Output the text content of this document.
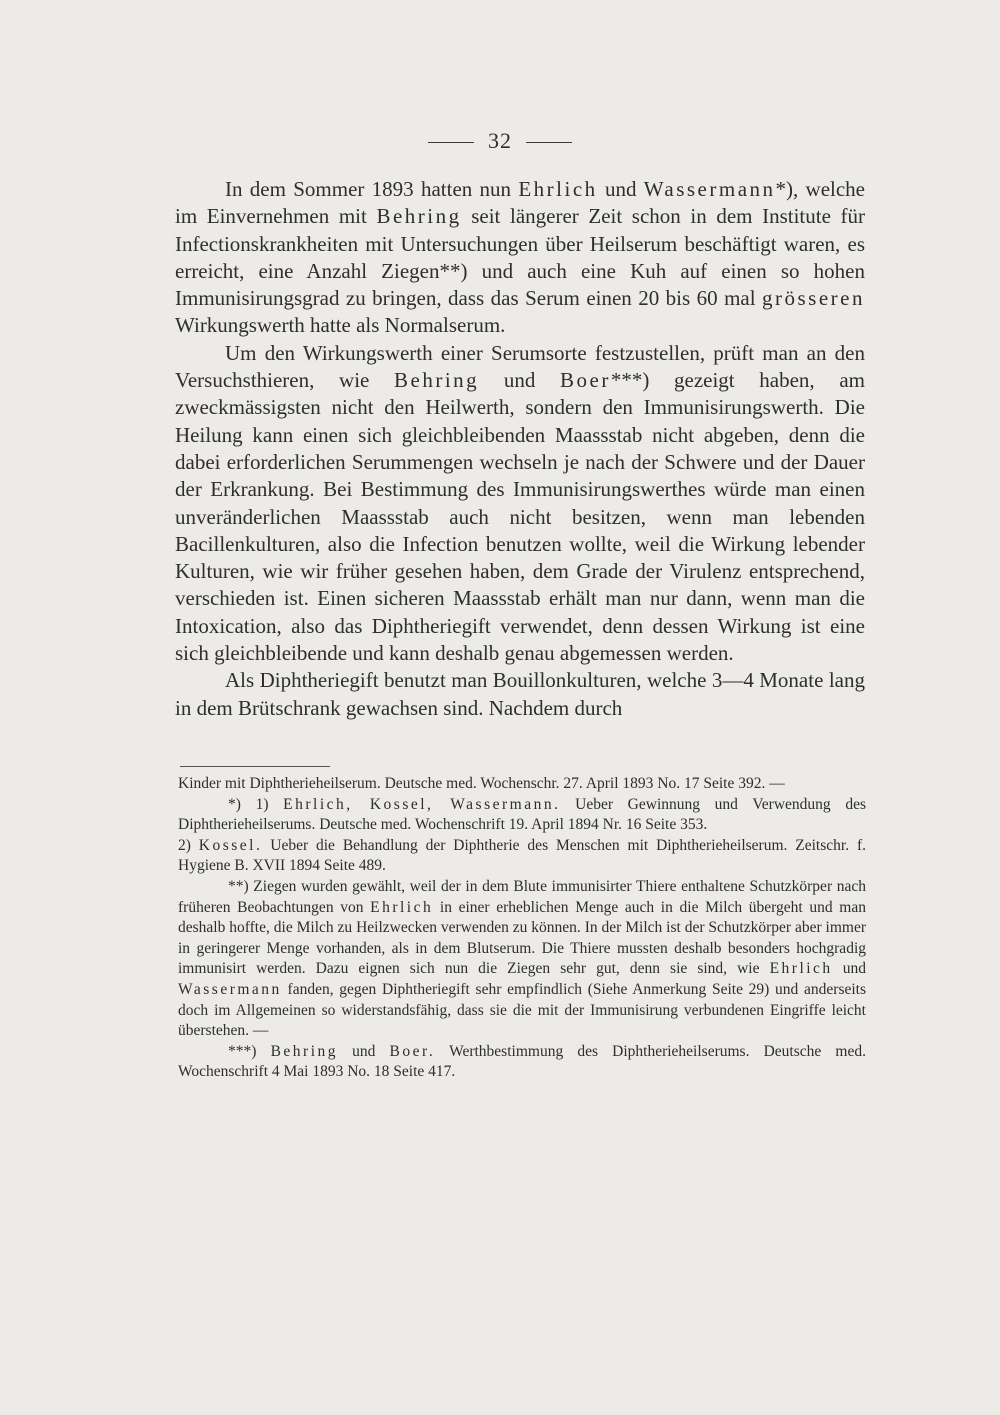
32

In dem Sommer 1893 hatten nun Ehrlich und Wassermann*), welche im Einvernehmen mit Behring seit längerer Zeit schon in dem Institute für Infectionskrankheiten mit Untersuchungen über Heilserum beschäftigt waren, es erreicht, eine Anzahl Ziegen**) und auch eine Kuh auf einen so hohen Immunisirungsgrad zu bringen, dass das Serum einen 20 bis 60 mal grösseren Wirkungswerth hatte als Normalserum.

Um den Wirkungswerth einer Serumsorte festzustellen, prüft man an den Versuchsthieren, wie Behring und Boer***) gezeigt haben, am zweckmässigsten nicht den Heilwerth, sondern den Immunisirungswerth. Die Heilung kann einen sich gleichbleibenden Maassstab nicht abgeben, denn die dabei erforderlichen Serummengen wechseln je nach der Schwere und der Dauer der Erkrankung. Bei Bestimmung des Immunisirungswerthes würde man einen unveränderlichen Maassstab auch nicht besitzen, wenn man lebenden Bacillenkulturen, also die Infection benutzen wollte, weil die Wirkung lebender Kulturen, wie wir früher gesehen haben, dem Grade der Virulenz entsprechend, verschieden ist. Einen sicheren Maassstab erhält man nur dann, wenn man die Intoxication, also das Diphtheriegift verwendet, denn dessen Wirkung ist eine sich gleichbleibende und kann deshalb genau abgemessen werden.

Als Diphtheriegift benutzt man Bouillonkulturen, welche 3—4 Monate lang in dem Brütschrank gewachsen sind. Nachdem durch

Kinder mit Diphtherieheilserum. Deutsche med. Wochenschr. 27. April 1893 No. 17 Seite 392. —

*) 1) Ehrlich, Kossel, Wassermann. Ueber Gewinnung und Verwendung des Diphtherieheilserums. Deutsche med. Wochenschrift 19. April 1894 Nr. 16 Seite 353.

2) Kossel. Ueber die Behandlung der Diphtherie des Menschen mit Diphtherieheilserum. Zeitschr. f. Hygiene B. XVII 1894 Seite 489.

**) Ziegen wurden gewählt, weil der in dem Blute immunisirter Thiere enthaltene Schutzkörper nach früheren Beobachtungen von Ehrlich in einer erheblichen Menge auch in die Milch übergeht und man deshalb hoffte, die Milch zu Heilzwecken verwenden zu können. In der Milch ist der Schutzkörper aber immer in geringerer Menge vorhanden, als in dem Blutserum. Die Thiere mussten deshalb besonders hochgradig immunisirt werden. Dazu eignen sich nun die Ziegen sehr gut, denn sie sind, wie Ehrlich und Wassermann fanden, gegen Diphtheriegift sehr empfindlich (Siehe Anmerkung Seite 29) und anderseits doch im Allgemeinen so widerstandsfähig, dass sie die mit der Immunisirung verbundenen Eingriffe leicht überstehen. —

***) Behring und Boer. Werthbestimmung des Diphtherieheilserums. Deutsche med. Wochenschrift 4 Mai 1893 No. 18 Seite 417.
